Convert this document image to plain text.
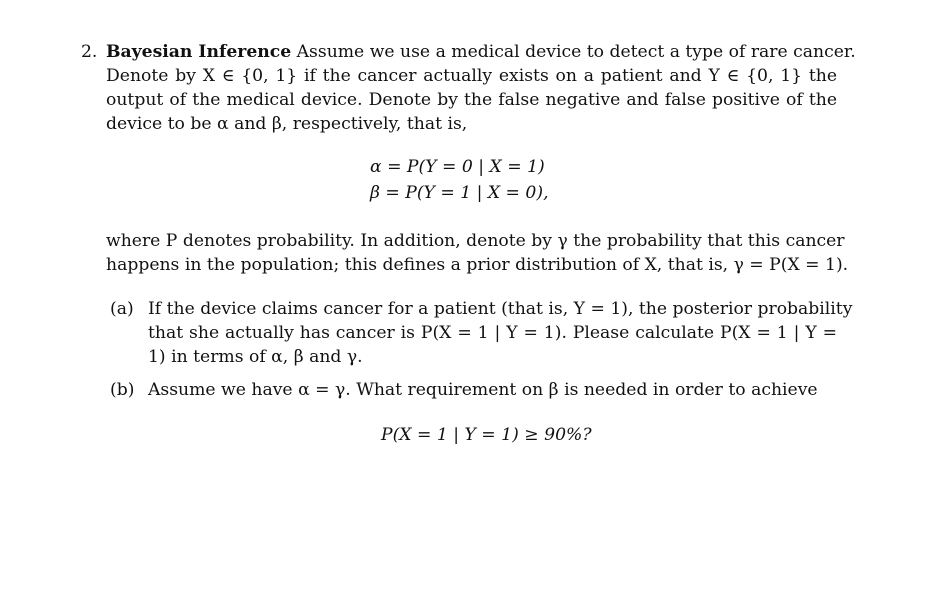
2. Bayesian Inference Assume we use a medical device to detect a type of rare cancer.
Denote by X ∈ {0, 1} if the cancer actually exists on a patient and Y ∈ {0, 1} the
output of the medical device. Denote by the false negative and false positive of the
device to be α and β, respectively, that is,
α = P(Y = 0 | X = 1)
β = P(Y = 1 | X = 0),
where P denotes probability. In addition, denote by γ the probability that this cancer
happens in the population; this defines a prior distribution of X, that is, γ = P(X = 1).
(a) If the device claims cancer for a patient (that is, Y = 1), the posterior probability
that she actually has cancer is P(X = 1 | Y = 1). Please calculate P(X = 1 | Y =
1) in terms of α, β and γ.
(b) Assume we have α = γ. What requirement on β is needed in order to achieve
P(X = 1 | Y = 1) ≥ 90%?
